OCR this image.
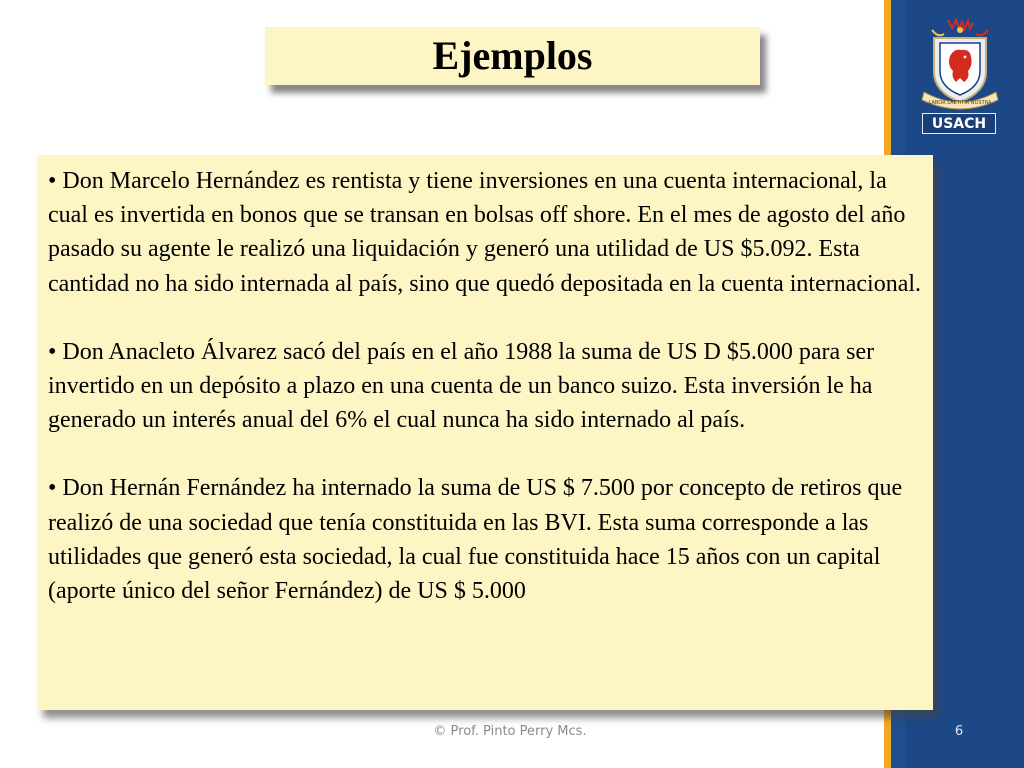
LABOR LAETITIA NOSTRA
USACH
Ejemplos

• Don Marcelo Hernández es rentista y tiene inversiones en una cuenta internacional, la cual es invertida en bonos que se transan en bolsas off shore. En el mes de agosto del año pasado su agente le realizó una liquidación y generó una utilidad de US $5.092. Esta cantidad no ha sido internada al país, sino que quedó depositada en la cuenta internacional.

• Don Anacleto Álvarez sacó del país en el año 1988 la suma de US D $5.000 para ser invertido en un depósito a plazo en una cuenta de un banco suizo. Esta inversión le ha generado un interés anual del 6% el cual nunca ha sido internado al país.

• Don Hernán Fernández ha internado la suma de US $ 7.500 por concepto de retiros que realizó de una sociedad que tenía constituida en las BVI. Esta suma corresponde a las utilidades que generó esta sociedad, la cual fue constituida hace 15 años con un capital (aporte único del señor Fernández) de US $ 5.000

© Prof. Pinto Perry Mcs.	6
